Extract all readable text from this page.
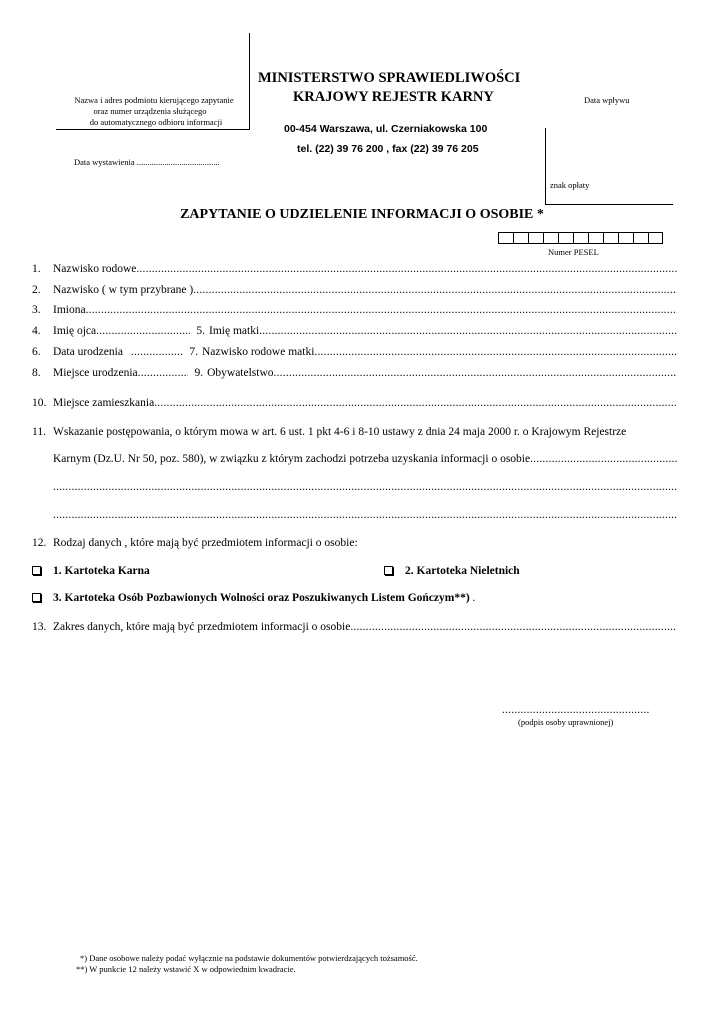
Nazwa i adres podmiotu kierującego zapytanie
oraz numer urządzenia służącego
do automatycznego odbioru informacji
Data wystawienia .......................................
MINISTERSTWO SPRAWIEDLIWOŚCI
KRAJOWY REJESTR KARNY
00-454 Warszawa, ul. Czerniakowska 100
tel. (22) 39 76 200 , fax (22) 39 76 205
Data wpływu
znak opłaty
ZAPYTANIE O UDZIELENIE INFORMACJI O OSOBIE *
Numer PESEL
1.	Nazwisko rodowe
.....
2.	Nazwisko ( w tym przybrane )
.....
3.	Imiona
.....
4.	Imię ojca .....	5. Imię matki
.....
6.	Data urodzenia .....	7. Nazwisko rodowe matki
.....
8.	Miejsce urodzenia .....	9. Obywatelstwo
.....
10. Miejsce zamieszkania
.....
11. Wskazanie postępowania, o którym mowa w art. 6 ust. 1 pkt 4-6 i 8-10 ustawy z dnia 24 maja 2000 r. o Krajowym Rejestrze
Karnym (Dz.U. Nr 50, poz. 580), w związku z którym zachodzi potrzeba uzyskania informacji o osobie
.....
.....
.....
12. Rodzaj danych , które mają być przedmiotem informacji o osobie:
1. Kartoteka Karna	2. Kartoteka Nieletnich
3. Kartoteka Osób Pozbawionych Wolności oraz Poszukiwanych Listem Gończym**) .
13. Zakres danych, które mają być przedmiotem informacji o osobie
.....
................................................
(podpis osoby uprawnionej)
*) Dane osobowe należy podać wyłącznie na podstawie dokumentów potwierdzających tożsamość.
**) W punkcie 12 należy wstawić X w odpowiednim kwadracie.
